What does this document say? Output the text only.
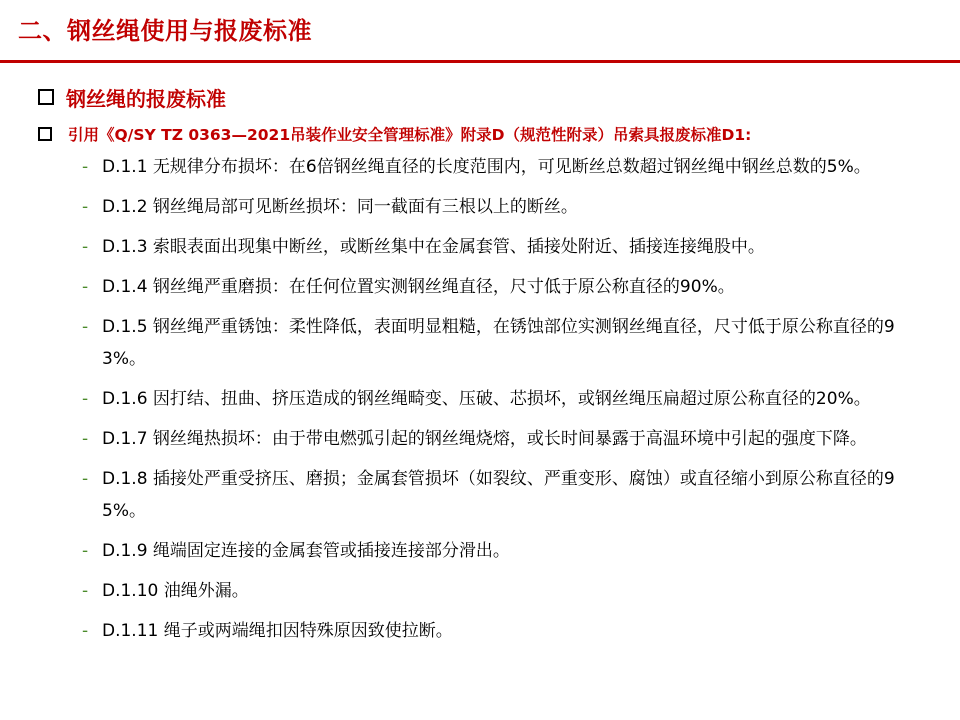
二、钢丝绳使用与报废标准
钢丝绳的报废标准
引用《Q/SY TZ 0363—2021吊装作业安全管理标准》附录D（规范性附录）吊索具报废标准D1:
- D.1.1 无规律分布损坏：在6倍钢丝绳直径的长度范围内，可见断丝总数超过钢丝绳中钢丝总数的5%。
- D.1.2 钢丝绳局部可见断丝损坏：同一截面有三根以上的断丝。
- D.1.3 索眼表面出现集中断丝，或断丝集中在金属套管、插接处附近、插接连接绳股中。
- D.1.4 钢丝绳严重磨损：在任何位置实测钢丝绳直径，尺寸低于原公称直径的90%。
- D.1.5 钢丝绳严重锈蚀：柔性降低，表面明显粗糙，在锈蚀部位实测钢丝绳直径，尺寸低于原公称直径的93%。
- D.1.6 因打结、扭曲、挤压造成的钢丝绳畸变、压破、芯损坏，或钢丝绳压扁超过原公称直径的20%。
- D.1.7 钢丝绳热损坏：由于带电燃弧引起的钢丝绳烧熔，或长时间暴露于高温环境中引起的强度下降。
- D.1.8 插接处严重受挤压、磨损；金属套管损坏（如裂纹、严重变形、腐蚀）或直径缩小到原公称直径的95%。
- D.1.9 绳端固定连接的金属套管或插接连接部分滑出。
- D.1.10 油绳外漏。
- D.1.11 绳子或两端绳扣因特殊原因致使拉断。
